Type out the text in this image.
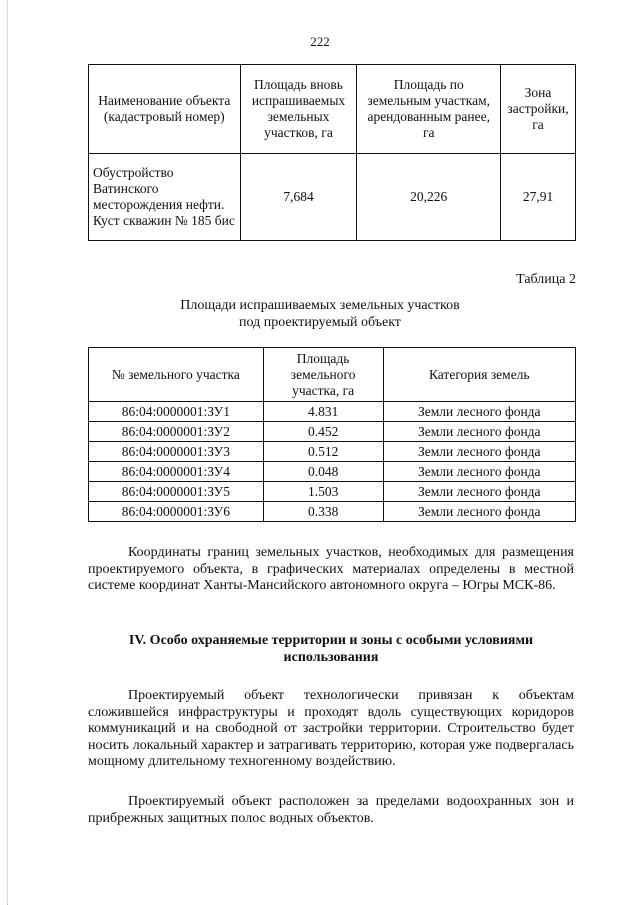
222
Наименование объекта (кадастровый номер)	Площадь вновь испрашиваемых земельных участков, га	Площадь по земельным участкам, арендованным ранее, га	Зона застройки, га
Обустройство Ватинского месторождения нефти. Куст скважин № 185 бис	7,684	20,226	27,91
Таблица 2
Площади испрашиваемых земельных участков
под проектируемый объект
№ земельного участка	Площадь земельного участка, га	Категория земель
86:04:0000001:ЗУ1	4.831	Земли лесного фонда
86:04:0000001:ЗУ2	0.452	Земли лесного фонда
86:04:0000001:ЗУ3	0.512	Земли лесного фонда
86:04:0000001:ЗУ4	0.048	Земли лесного фонда
86:04:0000001:ЗУ5	1.503	Земли лесного фонда
86:04:0000001:ЗУ6	0.338	Земли лесного фонда

Координаты границ земельных участков, необходимых для размещения проектируемого объекта, в графических материалах определены в местной системе координат Ханты-Мансийского автономного округа – Югры МСК-86.

IV. Особо охраняемые территории и зоны с особыми условиями использования

Проектируемый объект технологически привязан к объектам сложившейся инфраструктуры и проходят вдоль существующих коридоров коммуникаций и на свободной от застройки территории. Строительство будет носить локальный характер и затрагивать территорию, которая уже подвергалась мощному длительному техногенному воздействию.

Проектируемый объект расположен за пределами водоохранных зон и прибрежных защитных полос водных объектов.
